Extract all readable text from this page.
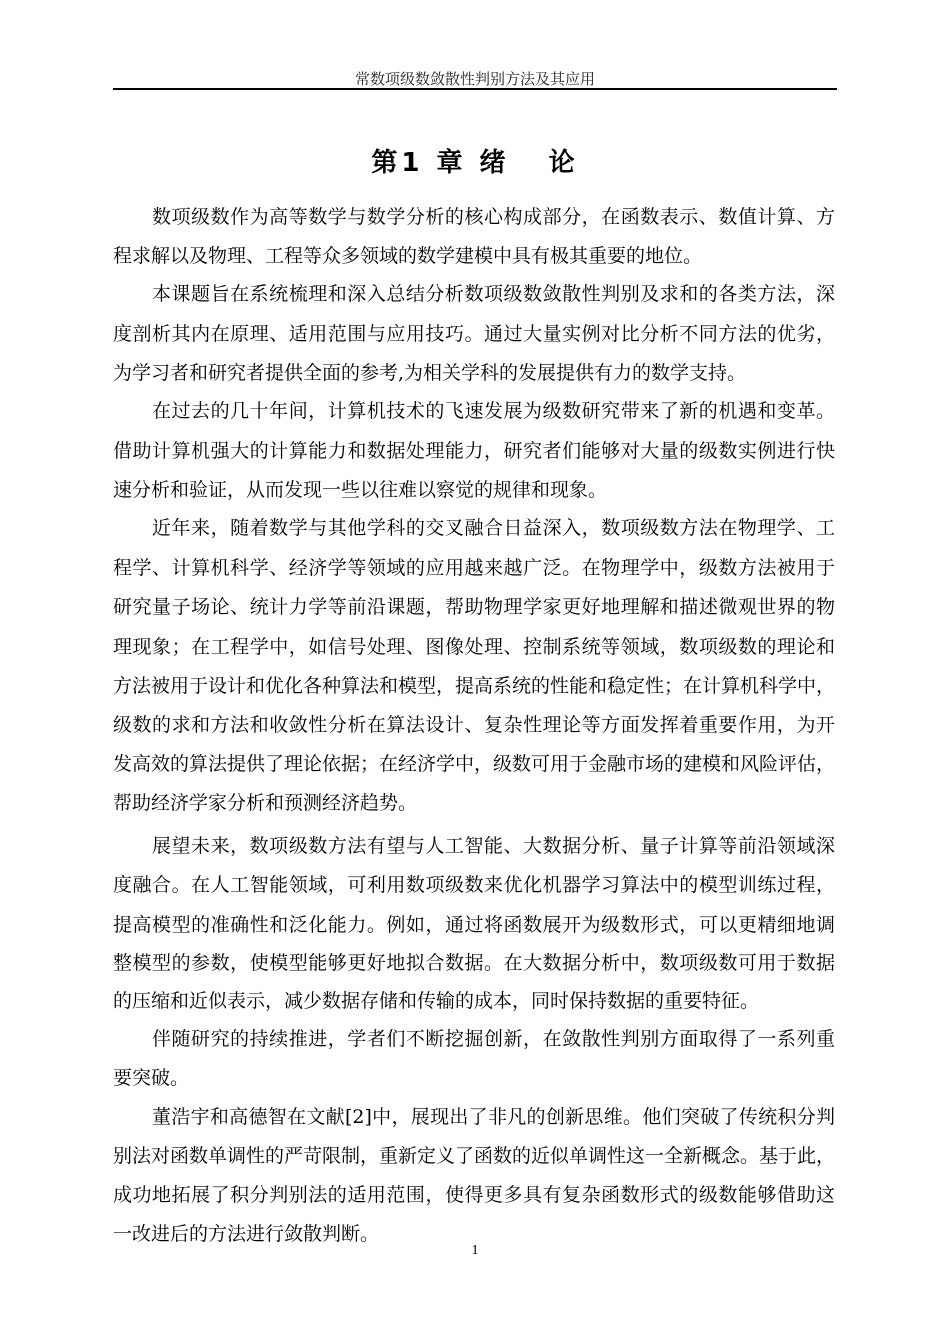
常数项级数敛散性判别方法及其应用
第1 章 绪   论
数项级数作为高等数学与数学分析的核心构成部分，在函数表示、数值计算、方
程求解以及物理、工程等众多领域的数学建模中具有极其重要的地位。
本课题旨在系统梳理和深入总结分析数项级数敛散性判别及求和的各类方法，深
度剖析其内在原理、适用范围与应用技巧。通过大量实例对比分析不同方法的优劣，
为学习者和研究者提供全面的参考,为相关学科的发展提供有力的数学支持。
在过去的几十年间，计算机技术的飞速发展为级数研究带来了新的机遇和变革。
借助计算机强大的计算能力和数据处理能力，研究者们能够对大量的级数实例进行快
速分析和验证，从而发现一些以往难以察觉的规律和现象。
近年来，随着数学与其他学科的交叉融合日益深入，数项级数方法在物理学、工
程学、计算机科学、经济学等领域的应用越来越广泛。在物理学中，级数方法被用于
研究量子场论、统计力学等前沿课题，帮助物理学家更好地理解和描述微观世界的物
理现象；在工程学中，如信号处理、图像处理、控制系统等领域，数项级数的理论和
方法被用于设计和优化各种算法和模型，提高系统的性能和稳定性；在计算机科学中，
级数的求和方法和收敛性分析在算法设计、复杂性理论等方面发挥着重要作用，为开
发高效的算法提供了理论依据；在经济学中，级数可用于金融市场的建模和风险评估，
帮助经济学家分析和预测经济趋势。
展望未来，数项级数方法有望与人工智能、大数据分析、量子计算等前沿领域深
度融合。在人工智能领域，可利用数项级数来优化机器学习算法中的模型训练过程，
提高模型的准确性和泛化能力。例如，通过将函数展开为级数形式，可以更精细地调
整模型的参数，使模型能够更好地拟合数据。在大数据分析中，数项级数可用于数据
的压缩和近似表示，减少数据存储和传输的成本，同时保持数据的重要特征。
伴随研究的持续推进，学者们不断挖掘创新，在敛散性判别方面取得了一系列重
要突破。
董浩宇和高德智在文献[2]中，展现出了非凡的创新思维。他们突破了传统积分判
别法对函数单调性的严苛限制，重新定义了函数的近似单调性这一全新概念。基于此，
成功地拓展了积分判别法的适用范围，使得更多具有复杂函数形式的级数能够借助这
一改进后的方法进行敛散判断。
1
